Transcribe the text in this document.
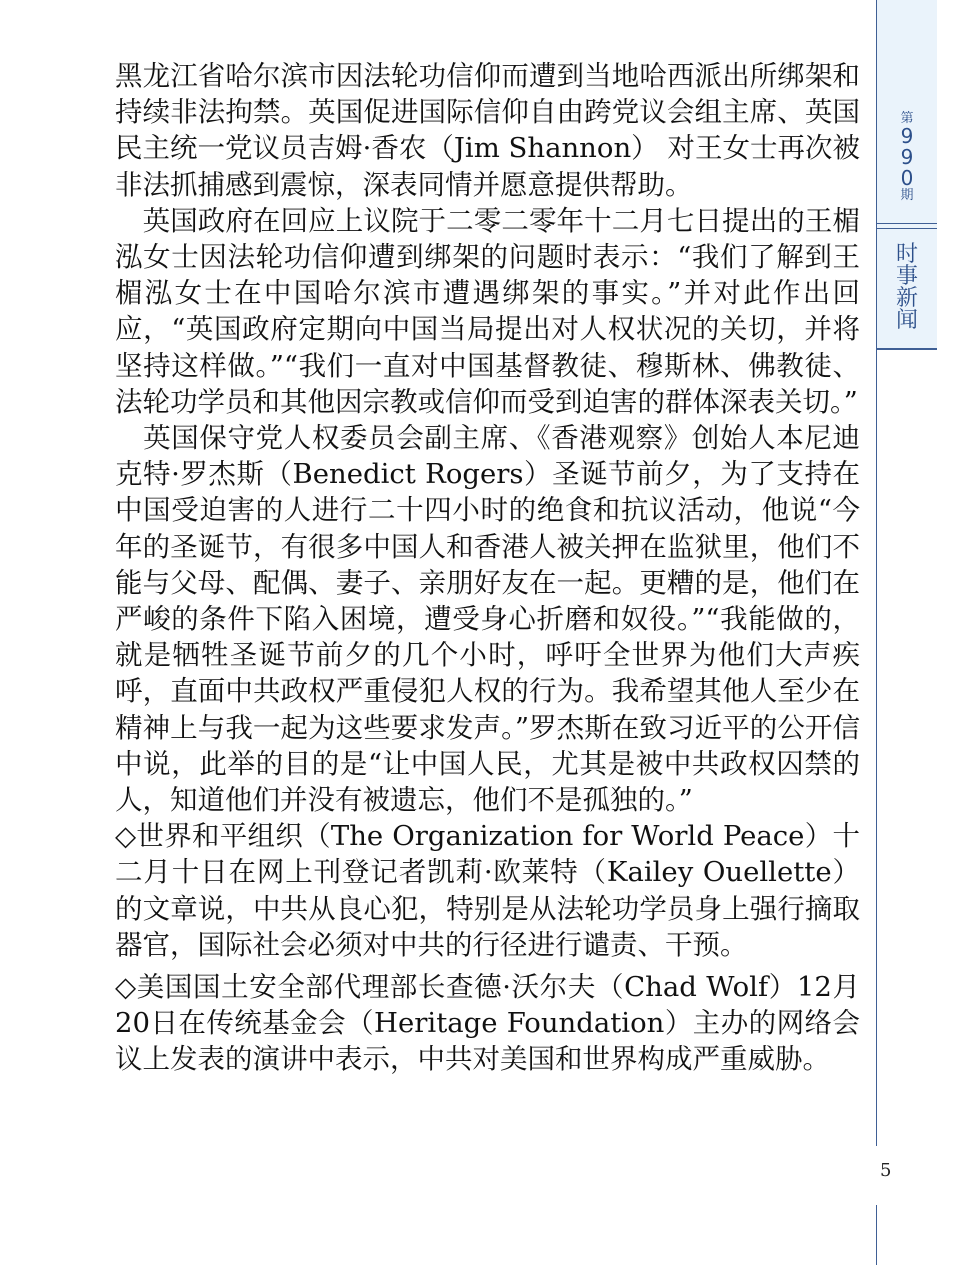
黑龙江省哈尔滨市因法轮功信仰而遭到当地哈西派出所绑架和持续非法拘禁。英国促进国际信仰自由跨党议会组主席、英国民主统一党议员吉姆·香农（Jim Shannon） 对王女士再次被非法抓捕感到震惊，深表同情并愿意提供帮助。

　英国政府在回应上议院于二零二零年十二月七日提出的王楣泓女士因法轮功信仰遭到绑架的问题时表示：“我们了解到王楣泓女士在中国哈尔滨市遭遇绑架的事实。”并对此作出回应，“英国政府定期向中国当局提出对人权状况的关切，并将坚持这样做。”“我们一直对中国基督教徒、穆斯林、佛教徒、法轮功学员和其他因宗教或信仰而受到迫害的群体深表关切。”

　英国保守党人权委员会副主席、《香港观察》创始人本尼迪克特·罗杰斯（Benedict Rogers）圣诞节前夕，为了支持在中国受迫害的人进行二十四小时的绝食和抗议活动，他说“今年的圣诞节，有很多中国人和香港人被关押在监狱里，他们不能与父母、配偶、妻子、亲朋好友在一起。更糟的是，他们在严峻的条件下陷入困境，遭受身心折磨和奴役。”“我能做的，就是牺牲圣诞节前夕的几个小时，呼吁全世界为他们大声疾呼，直面中共政权严重侵犯人权的行为。我希望其他人至少在精神上与我一起为这些要求发声。”罗杰斯在致习近平的公开信中说，此举的目的是“让中国人民，尤其是被中共政权囚禁的人，知道他们并没有被遗忘，他们不是孤独的。”

◇世界和平组织（The Organization for World Peace）十二月十日在网上刊登记者凯莉·欧莱特（Kailey Ouellette）的文章说，中共从良心犯，特别是从法轮功学员身上强行摘取器官，国际社会必须对中共的行径进行谴责、干预。

◇美国国土安全部代理部长查德·沃尔夫（Chad Wolf）12月20日在传统基金会（Heritage Foundation）主办的网络会议上发表的演讲中表示，中共对美国和世界构成严重威胁。

第
9
9
0
期
时
事
新
闻
5
